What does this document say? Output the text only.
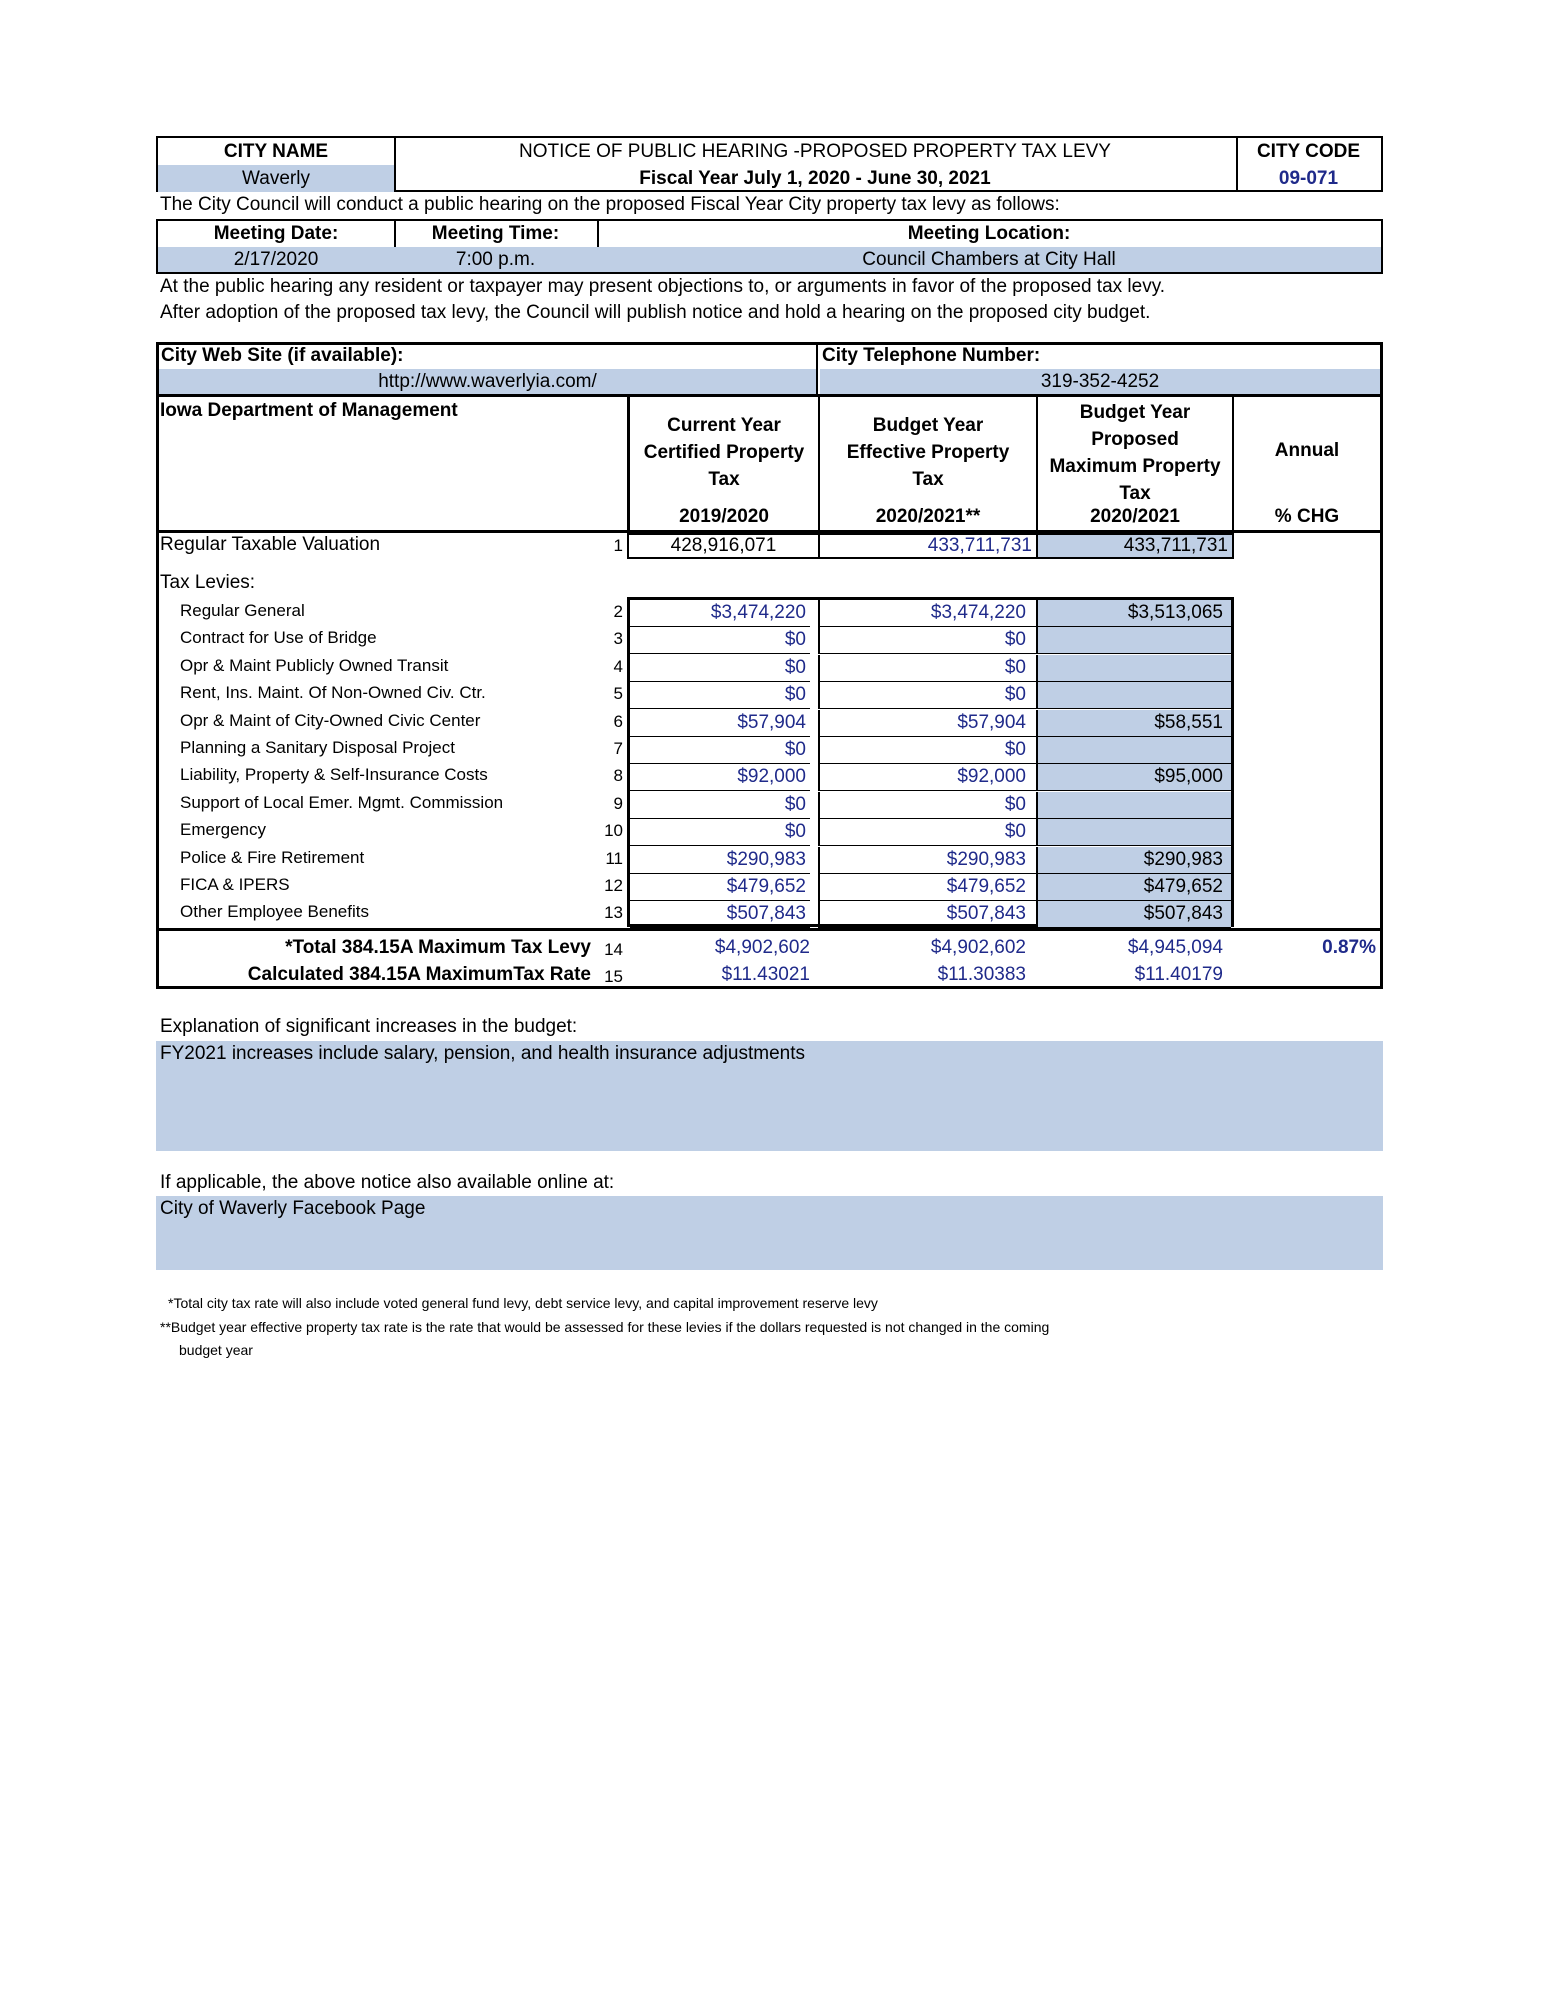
CITY NAME
Waverly
NOTICE OF PUBLIC HEARING -PROPOSED PROPERTY TAX LEVY
Fiscal Year July 1, 2020 - June 30, 2021
CITY CODE
09-071
The City Council will conduct a public hearing on the proposed Fiscal Year City property tax levy as follows:
Meeting Date:
2/17/2020
Meeting Time:
7:00 p.m.
Meeting Location:
Council Chambers at City Hall
At the public hearing any resident or taxpayer may present objections to, or arguments in favor of the proposed tax levy.
After adoption of the proposed tax levy, the Council will publish notice and hold a hearing on the proposed city budget.
City Web Site (if available):
http://www.waverlyia.com/
City Telephone Number:
319-352-4252
Iowa Department of Management
Current Year
Certified Property
Tax
2019/2020
Budget Year
Effective Property
Tax
2020/2021**
Budget Year
Proposed
Maximum Property
Tax
2020/2021
Annual
% CHG
Regular Taxable Valuation	1	428,916,071	433,711,731	433,711,731
Tax Levies:
Regular General	2	$3,474,220	$3,474,220	$3,513,065
Contract for Use of Bridge	3	$0	$0
Opr & Maint Publicly Owned Transit	4	$0	$0
Rent, Ins. Maint. Of Non-Owned Civ. Ctr.	5	$0	$0
Opr & Maint of City-Owned Civic Center	6	$57,904	$57,904	$58,551
Planning a Sanitary Disposal Project	7	$0	$0
Liability, Property & Self-Insurance Costs	8	$92,000	$92,000	$95,000
Support of Local Emer. Mgmt. Commission	9	$0	$0
Emergency	10	$0	$0
Police & Fire Retirement	11	$290,983	$290,983	$290,983
FICA & IPERS	12	$479,652	$479,652	$479,652
Other Employee Benefits	13	$507,843	$507,843	$507,843
*Total 384.15A Maximum Tax Levy 14	$4,902,602	$4,902,602	$4,945,094	0.87%
Calculated 384.15A MaximumTax Rate 15	$11.43021	$11.30383	$11.40179
Explanation of significant increases in the budget:
FY2021 increases include salary, pension, and health insurance adjustments
If applicable, the above notice also available online at:
City of Waverly Facebook Page
*Total city tax rate will also include voted general fund levy, debt service levy, and capital improvement reserve levy
**Budget year effective property tax rate is the rate that would be assessed for these levies if the dollars requested is not changed in the coming
budget year
